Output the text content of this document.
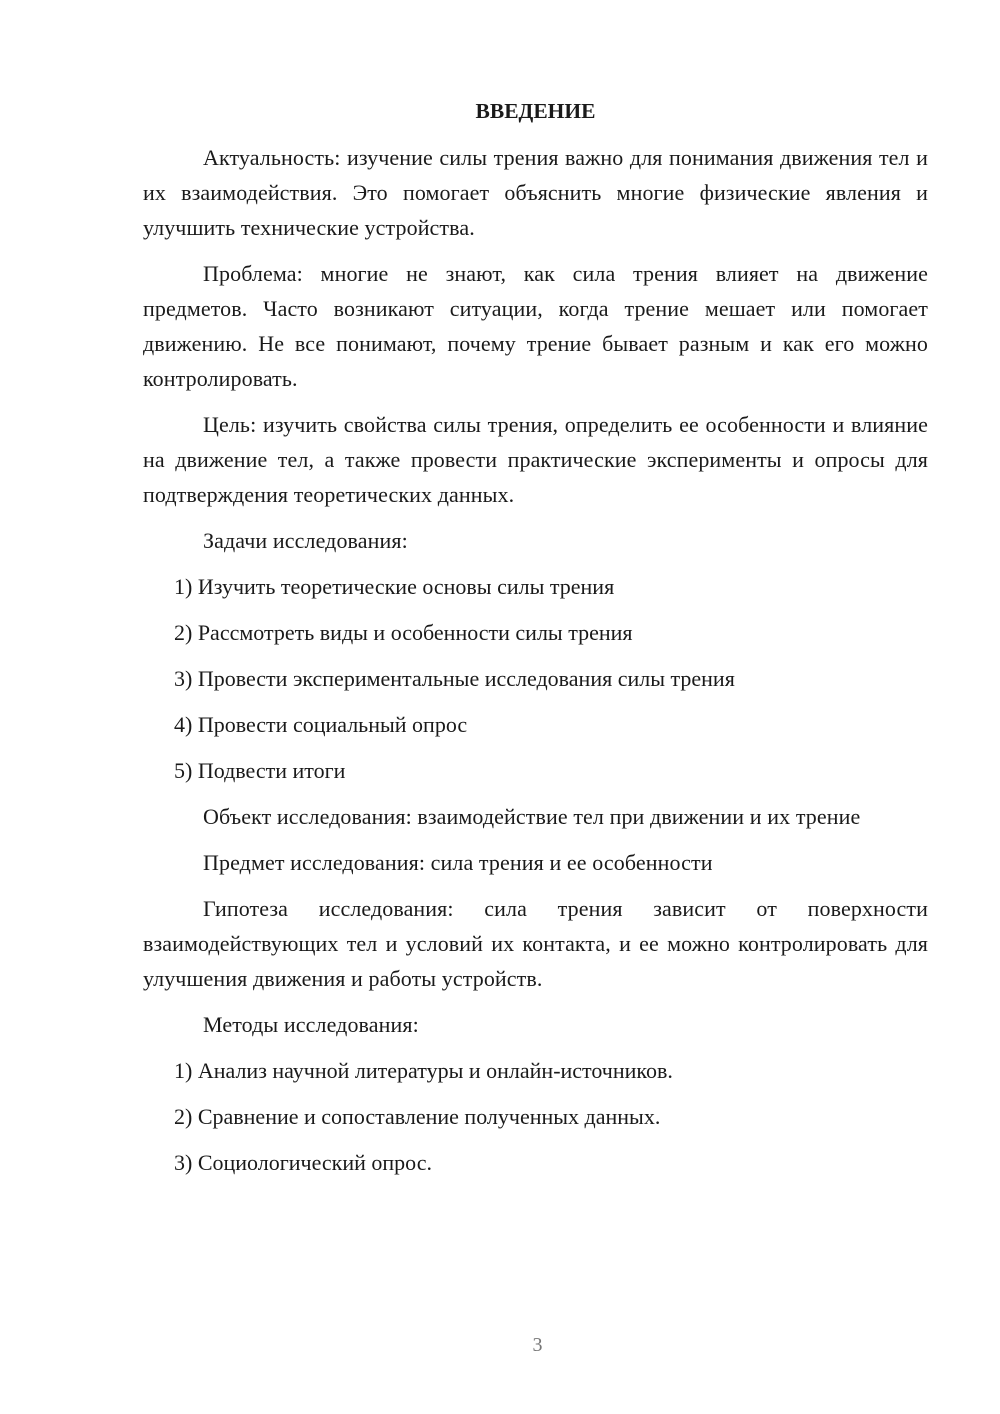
ВВЕДЕНИЕ

Актуальность: изучение силы трения важно для понимания движения тел и их взаимодействия. Это помогает объяснить многие физические явления и улучшить технические устройства.

Проблема: многие не знают, как сила трения влияет на движение предметов. Часто возникают ситуации, когда трение мешает или помогает движению. Не все понимают, почему трение бывает разным и как его можно контролировать.

Цель: изучить свойства силы трения, определить ее особенности и влияние на движение тел, а также провести практические эксперименты и опросы для подтверждения теоретических данных.

Задачи исследования:

1) Изучить теоретические основы силы трения

2) Рассмотреть виды и особенности силы трения

3) Провести экспериментальные исследования силы трения

4) Провести социальный опрос

5) Подвести итоги

Объект исследования: взаимодействие тел при движении и их трение

Предмет исследования: сила трения и ее особенности

Гипотеза исследования: сила трения зависит от поверхности взаимодействующих тел и условий их контакта, и ее можно контролировать для улучшения движения и работы устройств.

Методы исследования:

1) Анализ научной литературы и онлайн-источников.

2) Сравнение и сопоставление полученных данных.

3) Социологический опрос.

3
